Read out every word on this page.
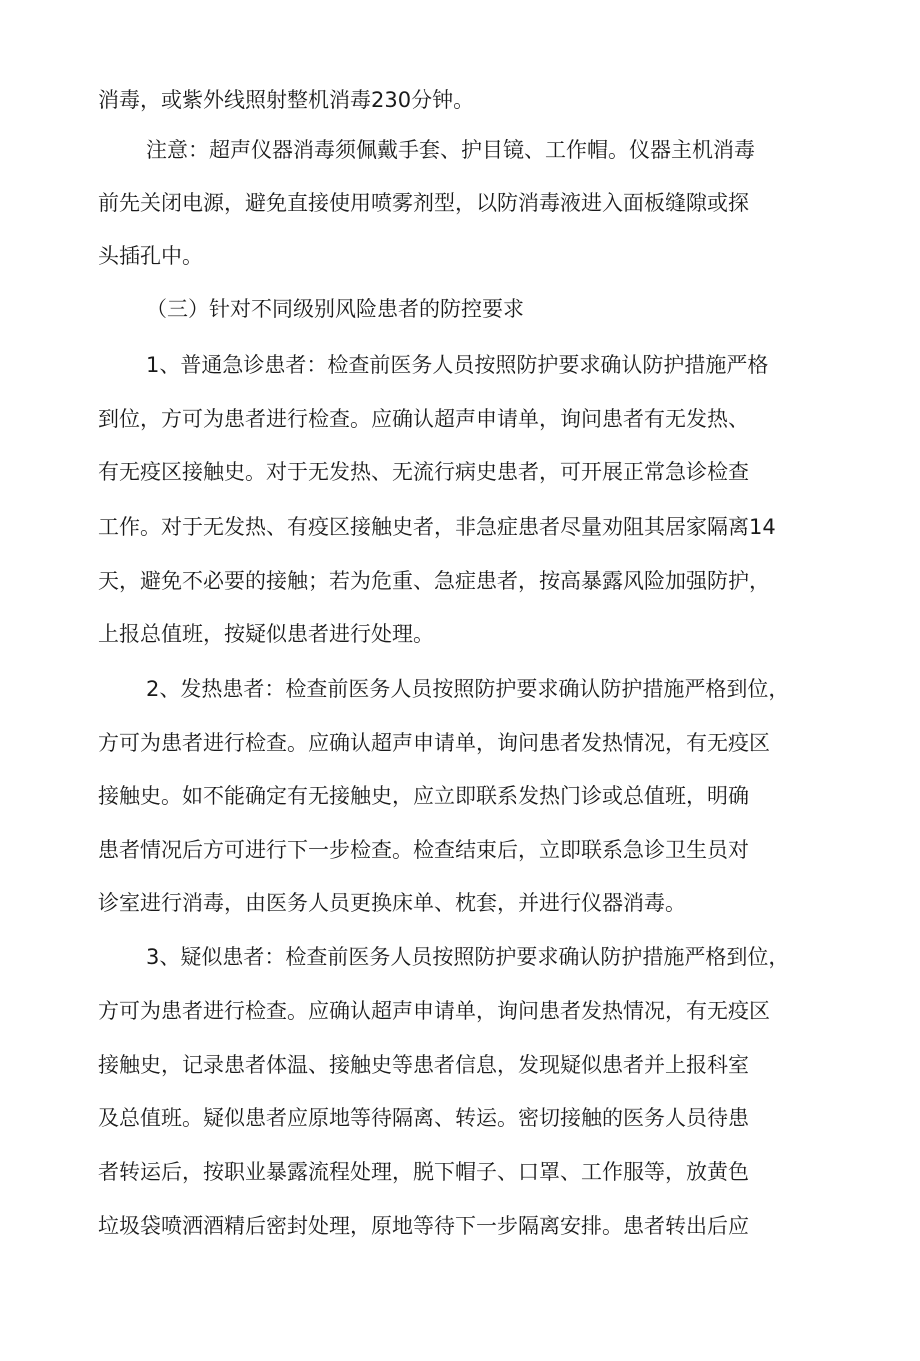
消毒，或紫外线照射整机消毒230分钟。
注意：超声仪器消毒须佩戴手套、护目镜、工作帽。仪器主机消毒
前先关闭电源，避免直接使用喷雾剂型，以防消毒液进入面板缝隙或探
头插孔中。
（三）针对不同级别风险患者的防控要求
1、普通急诊患者：检查前医务人员按照防护要求确认防护措施严格
到位，方可为患者进行检查。应确认超声申请单，询问患者有无发热、
有无疫区接触史。对于无发热、无流行病史患者，可开展正常急诊检查
工作。对于无发热、有疫区接触史者，非急症患者尽量劝阻其居家隔离14
天，避免不必要的接触；若为危重、急症患者，按高暴露风险加强防护，
上报总值班，按疑似患者进行处理。
2、发热患者：检查前医务人员按照防护要求确认防护措施严格到位，
方可为患者进行检查。应确认超声申请单，询问患者发热情况，有无疫区
接触史。如不能确定有无接触史，应立即联系发热门诊或总值班，明确
患者情况后方可进行下一步检查。检查结束后，立即联系急诊卫生员对
诊室进行消毒，由医务人员更换床单、枕套，并进行仪器消毒。
3、疑似患者：检查前医务人员按照防护要求确认防护措施严格到位，
方可为患者进行检查。应确认超声申请单，询问患者发热情况，有无疫区
接触史，记录患者体温、接触史等患者信息，发现疑似患者并上报科室
及总值班。疑似患者应原地等待隔离、转运。密切接触的医务人员待患
者转运后，按职业暴露流程处理，脱下帽子、口罩、工作服等，放黄色
垃圾袋喷洒酒精后密封处理，原地等待下一步隔离安排。患者转出后应
